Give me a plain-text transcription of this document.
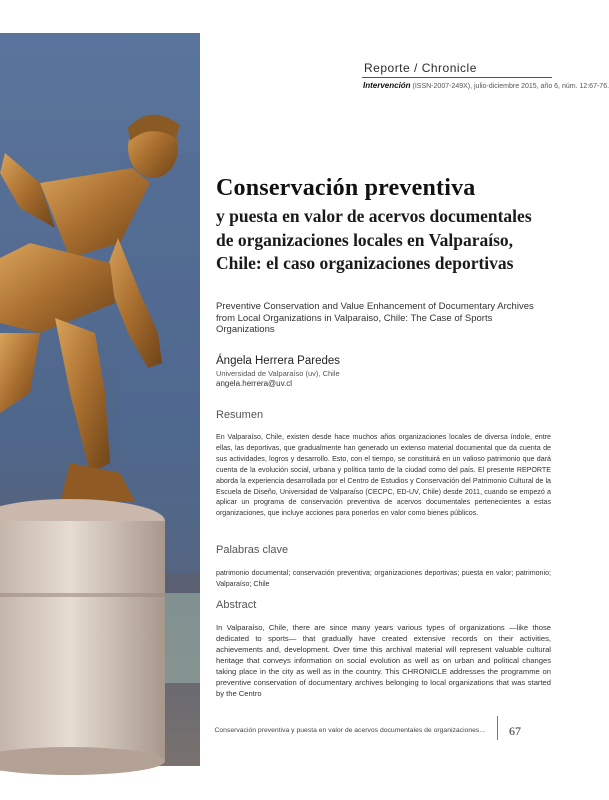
Reporte / Chronicle
Intervención (ISSN-2007-249X), julio-diciembre 2015, año 6, núm. 12:67-76.
Conservación preventiva
y puesta en valor de acervos documentales de organizaciones locales en Valparaíso, Chile: el caso organizaciones deportivas
Preventive Conservation and Value Enhancement of Documentary Archives from Local Organizations in Valparaiso, Chile: The Case of Sports Organizations
Ángela Herrera Paredes
Universidad de Valparaíso (uv), Chile
angela.herrera@uv.cl
Resumen
En Valparaíso, Chile, existen desde hace muchos años organizaciones locales de diversa índole, entre ellas, las deportivas, que gradualmente han generado un extenso material documental que da cuenta de sus actividades, logros y desarrollo. Esto, con el tiempo, se constituirá en un valioso patrimonio que dará cuenta de la evolución social, urbana y política tanto de la ciudad como del país. El presente REPORTE aborda la experiencia desarrollada por el Centro de Estudios y Conservación del Patrimonio Cultural de la Escuela de Diseño, Universidad de Valparaíso (CECPC, ED-UV, Chile) desde 2011, cuando se empezó a aplicar un programa de conservación preventiva de acervos documentales pertenecientes a estas organizaciones, que incluye acciones para ponerlos en valor como bienes públicos.
Palabras clave
patrimonio documental; conservación preventiva; organizaciones deportivas; puesta en valor; patrimonio; Valparaíso; Chile
Abstract
In Valparaíso, Chile, there are since many years various types of organizations —like those dedicated to sports— that gradually have created extensive records on their activities, achievements and, development. Over time this archival material will represent valuable cultural heritage that conveys information on social evolution as well as on urban and political changes taking place in the city as well as in the country. This CHRONICLE addresses the programme on preventive conservation of documentary archives belonging to local organizations that was started by the Centro
Conservación preventiva y puesta en valor de acervos documentales de organizaciones... 67
